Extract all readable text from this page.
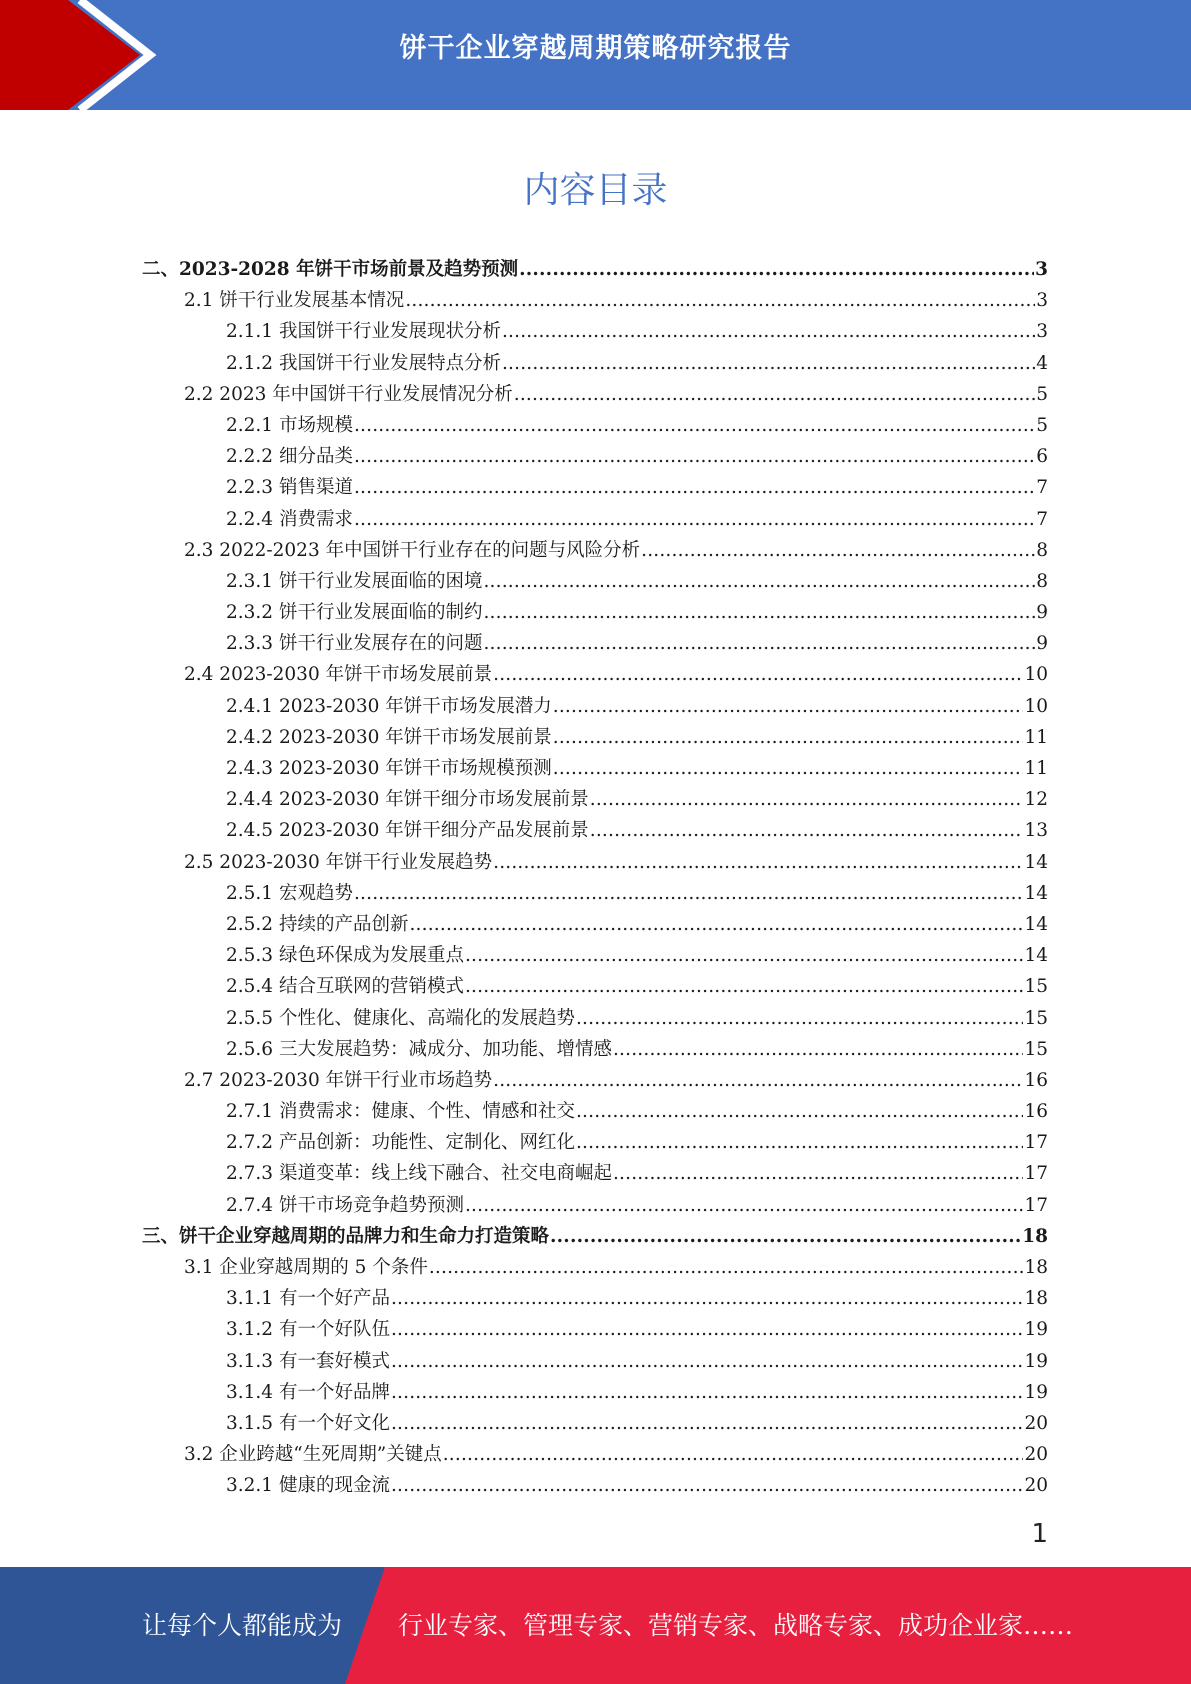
饼干企业穿越周期策略研究报告
内容目录
二、2023-2028 年饼干市场前景及趋势预测 .....	3
2.1 饼干行业发展基本情况 .....	3
2.1.1 我国饼干行业发展现状分析 .....	3
2.1.2 我国饼干行业发展特点分析 .....	4
2.2 2023 年中国饼干行业发展情况分析 .....	5
2.2.1 市场规模 .....	5
2.2.2 细分品类 .....	6
2.2.3 销售渠道 .....	7
2.2.4 消费需求 .....	7
2.3 2022-2023 年中国饼干行业存在的问题与风险分析 .....	8
2.3.1 饼干行业发展面临的困境 .....	8
2.3.2 饼干行业发展面临的制约 .....	9
2.3.3 饼干行业发展存在的问题 .....	9
2.4 2023-2030 年饼干市场发展前景 .....	10
2.4.1 2023-2030 年饼干市场发展潜力 .....	10
2.4.2 2023-2030 年饼干市场发展前景 .....	11
2.4.3 2023-2030 年饼干市场规模预测 .....	11
2.4.4 2023-2030 年饼干细分市场发展前景 .....	12
2.4.5 2023-2030 年饼干细分产品发展前景 .....	13
2.5 2023-2030 年饼干行业发展趋势 .....	14
2.5.1 宏观趋势 .....	14
2.5.2 持续的产品创新 .....	14
2.5.3 绿色环保成为发展重点 .....	14
2.5.4 结合互联网的营销模式 .....	15
2.5.5 个性化、健康化、高端化的发展趋势 .....	15
2.5.6 三大发展趋势：减成分、加功能、增情感 .....	15
2.7 2023-2030 年饼干行业市场趋势 .....	16
2.7.1 消费需求：健康、个性、情感和社交 .....	16
2.7.2 产品创新：功能性、定制化、网红化 .....	17
2.7.3 渠道变革：线上线下融合、社交电商崛起 .....	17
2.7.4 饼干市场竞争趋势预测 .....	17
三、饼干企业穿越周期的品牌力和生命力打造策略 .....	18
3.1 企业穿越周期的 5 个条件 .....	18
3.1.1 有一个好产品 .....	18
3.1.2 有一个好队伍 .....	19
3.1.3 有一套好模式 .....	19
3.1.4 有一个好品牌 .....	19
3.1.5 有一个好文化 .....	20
3.2 企业跨越“生死周期”关键点 .....	20
3.2.1 健康的现金流 .....	20
1
让每个人都能成为 行业专家、管理专家、营销专家、战略专家、成功企业家……
